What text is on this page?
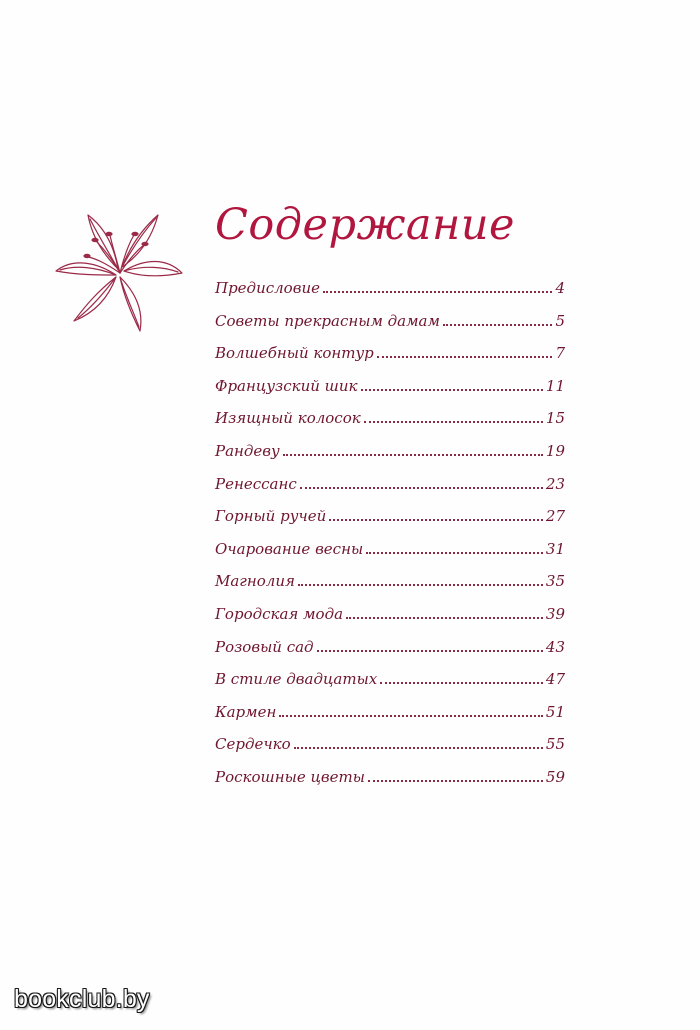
Содержание
Предисловие	4
Советы прекрасным дамам	5
Волшебный контур	7
Французский шик	11
Изящный колосок	15
Рандеву	19
Ренессанс	23
Горный ручей	27
Очарование весны	31
Магнолия	35
Городская мода	39
Розовый сад	43
В стиле двадцатых	47
Кармен	51
Сердечко	55
Роскошные цветы	59
bookclub.by
